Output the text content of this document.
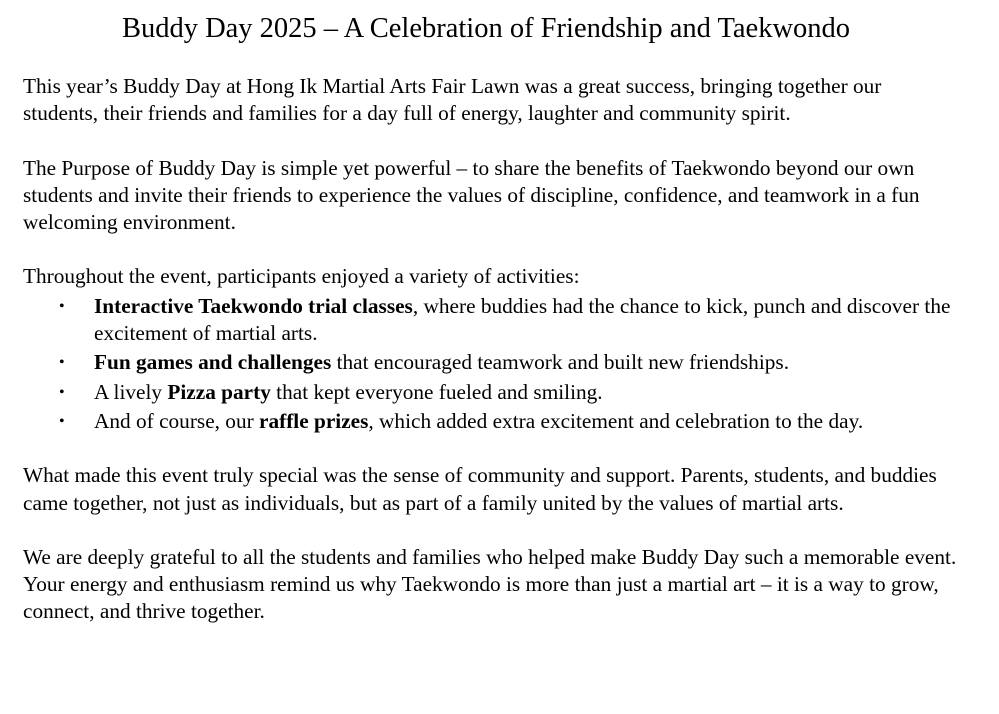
Buddy Day 2025 – A Celebration of Friendship and Taekwondo

This year’s Buddy Day at Hong Ik Martial Arts Fair Lawn was a great success, bringing together our students, their friends and families for a day full of energy, laughter and community spirit.

The Purpose of Buddy Day is simple yet powerful – to share the benefits of Taekwondo beyond our own students and invite their friends to experience the values of discipline, confidence, and teamwork in a fun welcoming environment.

Throughout the event, participants enjoyed a variety of activities:

• Interactive Taekwondo trial classes, where buddies had the chance to kick, punch and discover the excitement of martial arts.
• Fun games and challenges that encouraged teamwork and built new friendships.
• A lively Pizza party that kept everyone fueled and smiling.
• And of course, our raffle prizes, which added extra excitement and celebration to the day.

What made this event truly special was the sense of community and support. Parents, students, and buddies came together, not just as individuals, but as part of a family united by the values of martial arts.

We are deeply grateful to all the students and families who helped make Buddy Day such a memorable event. Your energy and enthusiasm remind us why Taekwondo is more than just a martial art – it is a way to grow, connect, and thrive together.
